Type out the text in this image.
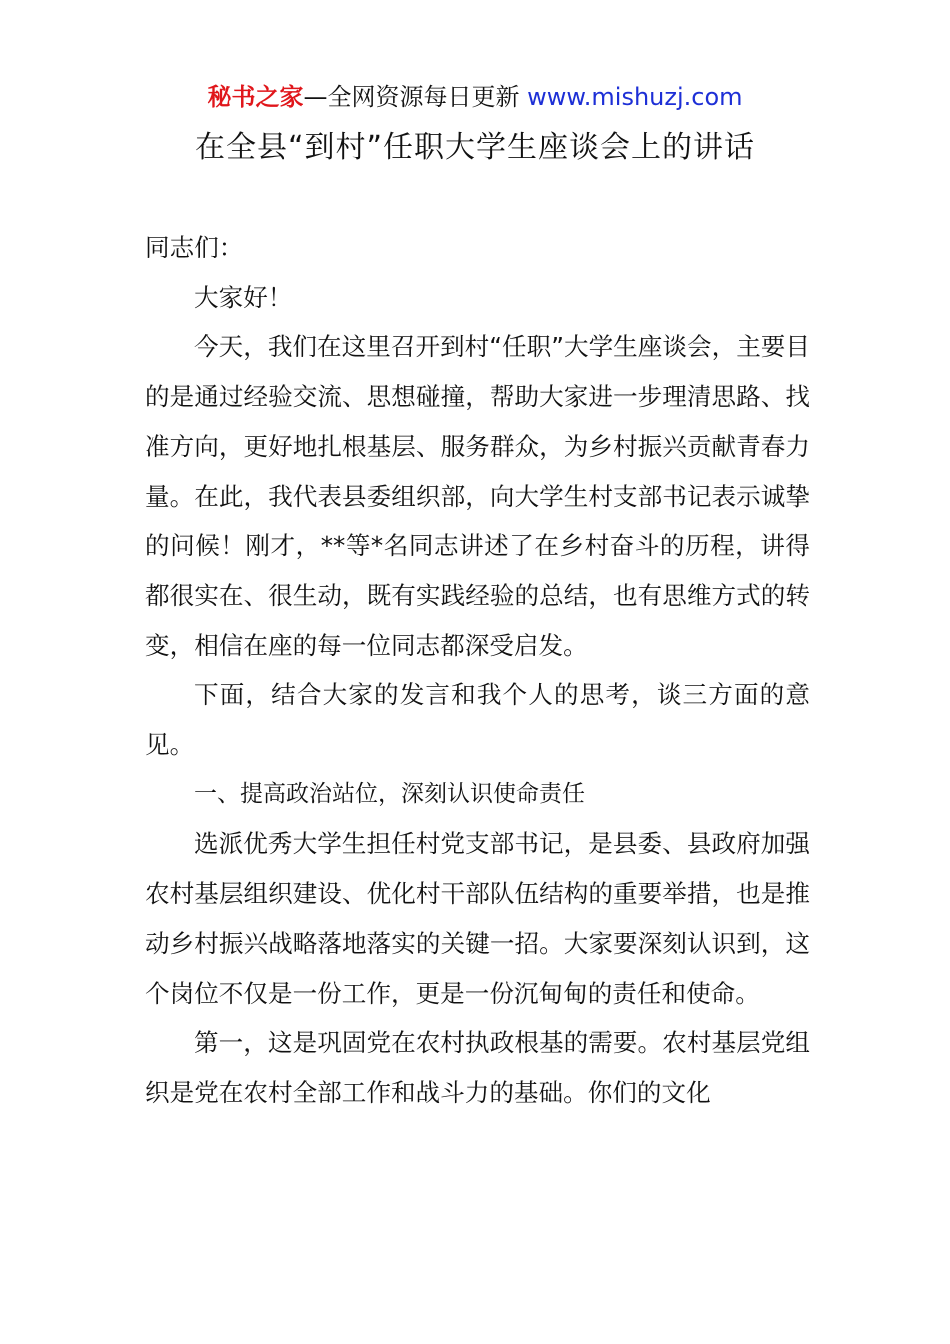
秘书之家—全网资源每日更新 www.mishuzj.com
在全县“到村”任职大学生座谈会上的讲话

同志们：

大家好！

今天，我们在这里召开到村“任职”大学生座谈会，主要目的是通过经验交流、思想碰撞，帮助大家进一步理清思路、找准方向，更好地扎根基层、服务群众，为乡村振兴贡献青春力量。在此，我代表县委组织部，向大学生村支部书记表示诚挚的问候！刚才，**等*名同志讲述了在乡村奋斗的历程，讲得都很实在、很生动，既有实践经验的总结，也有思维方式的转变，相信在座的每一位同志都深受启发。

下面，结合大家的发言和我个人的思考，谈三方面的意见。

一、提高政治站位，深刻认识使命责任

选派优秀大学生担任村党支部书记，是县委、县政府加强农村基层组织建设、优化村干部队伍结构的重要举措，也是推动乡村振兴战略落地落实的关键一招。大家要深刻认识到，这个岗位不仅是一份工作，更是一份沉甸甸的责任和使命。

第一，这是巩固党在农村执政根基的需要。农村基层党组织是党在农村全部工作和战斗力的基础。你们的文化
